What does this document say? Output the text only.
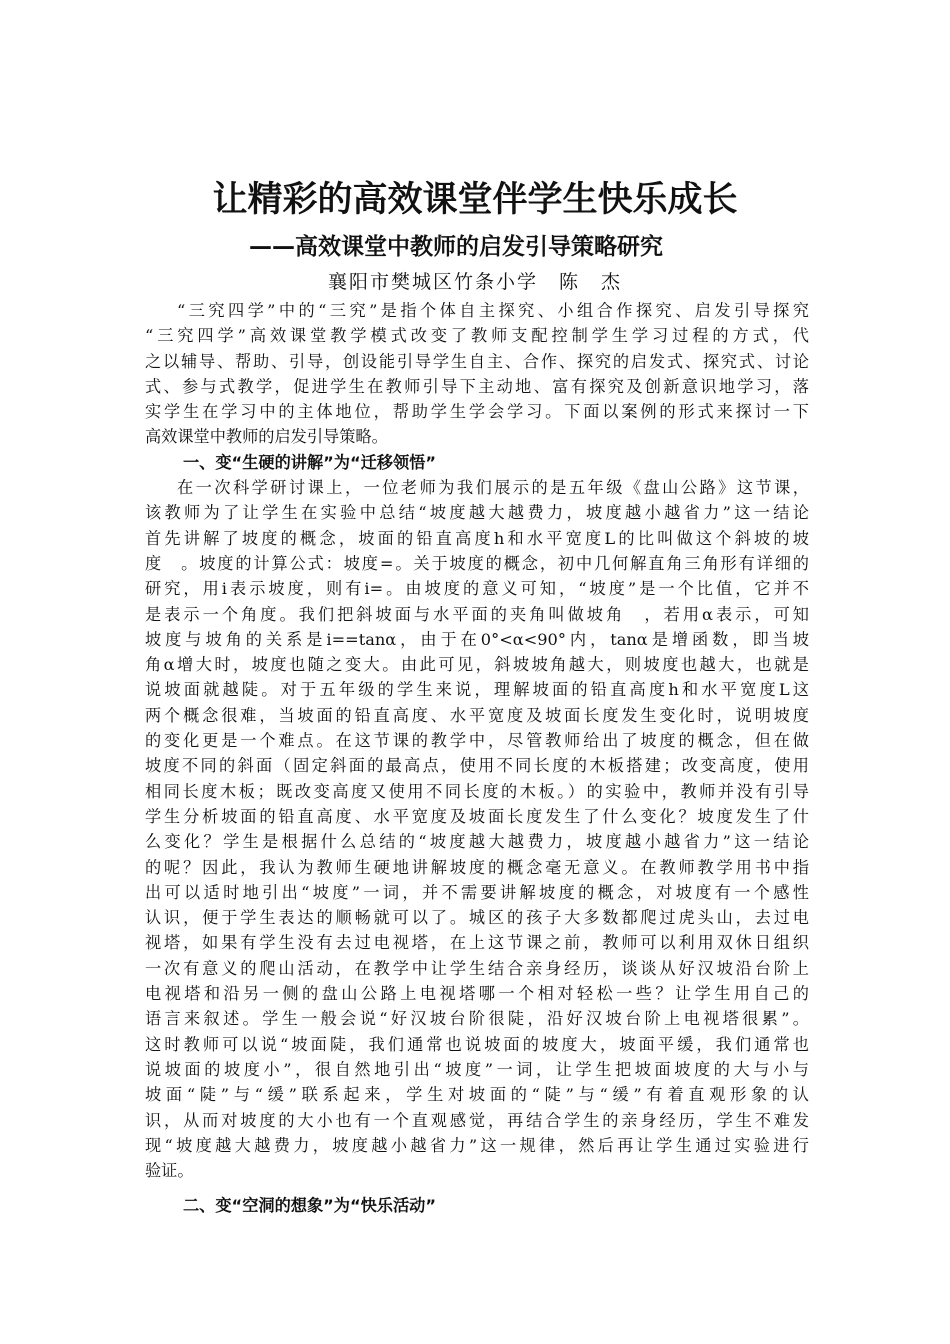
让精彩的高效课堂伴学生快乐成长
——高效课堂中教师的启发引导策略研究
襄阳市樊城区竹条小学　陈　杰
“三究四学”中的“三究”是指个体自主探究、小组合作探究、启发引导探究
“三究四学”高效课堂教学模式改变了教师支配控制学生学习过程的方式，代
之以辅导、帮助、引导，创设能引导学生自主、合作、探究的启发式、探究式、讨论
式、参与式教学，促进学生在教师引导下主动地、富有探究及创新意识地学习，落
实学生在学习中的主体地位，帮助学生学会学习。下面以案例的形式来探讨一下
高效课堂中教师的启发引导策略。
一、变“生硬的讲解”为“迁移领悟”
在一次科学研讨课上，一位老师为我们展示的是五年级《盘山公路》这节课，
该教师为了让学生在实验中总结“坡度越大越费力，坡度越小越省力”这一结论
首先讲解了坡度的概念，坡面的铅直高度h和水平宽度L的比叫做这个斜坡的坡
度　。坡度的计算公式：坡度=。关于坡度的概念，初中几何解直角三角形有详细的
研究，用i表示坡度，则有i=。由坡度的意义可知，“坡度”是一个比值，它并不
是表示一个角度。我们把斜坡面与水平面的夹角叫做坡角　，若用α表示，可知
坡度与坡角的关系是i==tanα，由于在0°<α<90°内，tanα是增函数，即当坡
角α增大时，坡度也随之变大。由此可见，斜坡坡角越大，则坡度也越大，也就是
说坡面就越陡。对于五年级的学生来说，理解坡面的铅直高度h和水平宽度L这
两个概念很难，当坡面的铅直高度、水平宽度及坡面长度发生变化时，说明坡度
的变化更是一个难点。在这节课的教学中，尽管教师给出了坡度的概念，但在做
坡度不同的斜面（固定斜面的最高点，使用不同长度的木板搭建；改变高度，使用
相同长度木板；既改变高度又使用不同长度的木板。）的实验中，教师并没有引导
学生分析坡面的铅直高度、水平宽度及坡面长度发生了什么变化？坡度发生了什
么变化？学生是根据什么总结的“坡度越大越费力，坡度越小越省力”这一结论
的呢？因此，我认为教师生硬地讲解坡度的概念毫无意义。在教师教学用书中指
出可以适时地引出“坡度”一词，并不需要讲解坡度的概念，对坡度有一个感性
认识，便于学生表达的顺畅就可以了。城区的孩子大多数都爬过虎头山，去过电
视塔，如果有学生没有去过电视塔，在上这节课之前，教师可以利用双休日组织
一次有意义的爬山活动，在教学中让学生结合亲身经历，谈谈从好汉坡沿台阶上
电视塔和沿另一侧的盘山公路上电视塔哪一个相对轻松一些？让学生用自己的
语言来叙述。学生一般会说“好汉坡台阶很陡，沿好汉坡台阶上电视塔很累”。
这时教师可以说“坡面陡，我们通常也说坡面的坡度大，坡面平缓，我们通常也
说坡面的坡度小”，很自然地引出“坡度”一词，让学生把坡面坡度的大与小与
坡面“陡”与“缓”联系起来，学生对坡面的“陡”与“缓”有着直观形象的认
识，从而对坡度的大小也有一个直观感觉，再结合学生的亲身经历，学生不难发
现“坡度越大越费力，坡度越小越省力”这一规律，然后再让学生通过实验进行
验证。
二、变“空洞的想象”为“快乐活动”
